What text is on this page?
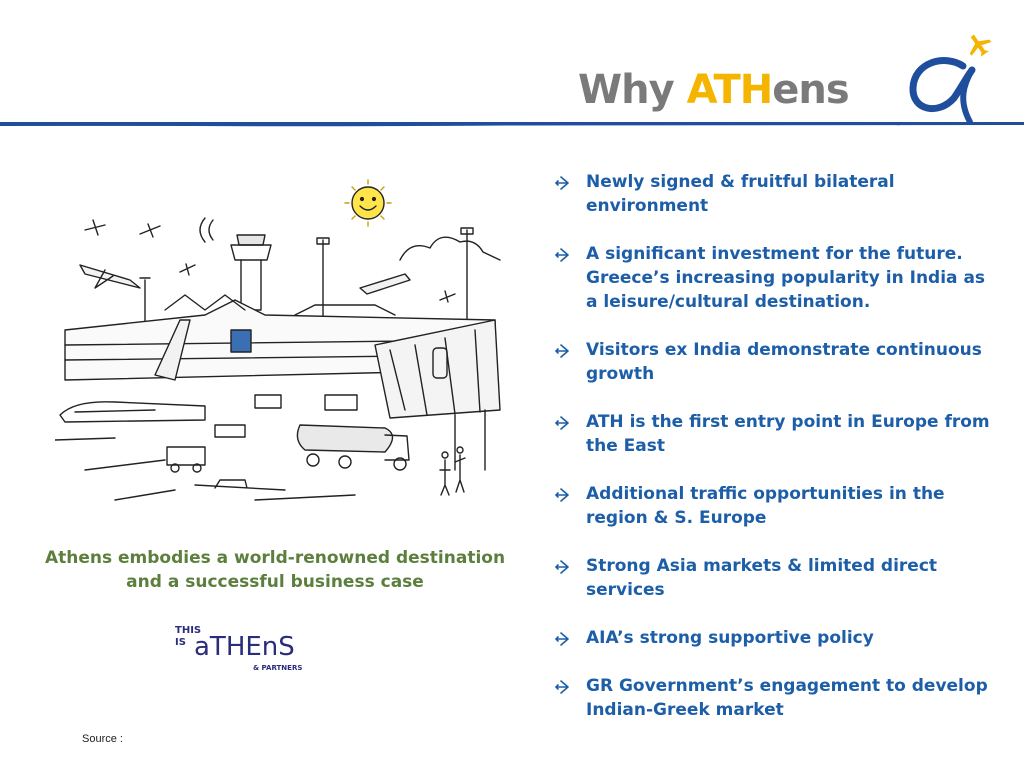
Why ATHens
Athens embodies a world-renowned destination
and a successful business case
THIS
IS aTHEnS
& PARTNERS
Newly signed & fruitful bilateral environment
A significant investment for the future. Greece’s increasing popularity in India as a leisure/cultural destination.
Visitors ex India demonstrate continuous growth
ATH is the first entry point in Europe from the East
Additional traffic opportunities in the region & S. Europe
Strong Asia markets & limited direct services
AIA’s strong supportive policy
GR Government’s engagement to develop Indian-Greek market
Source :
